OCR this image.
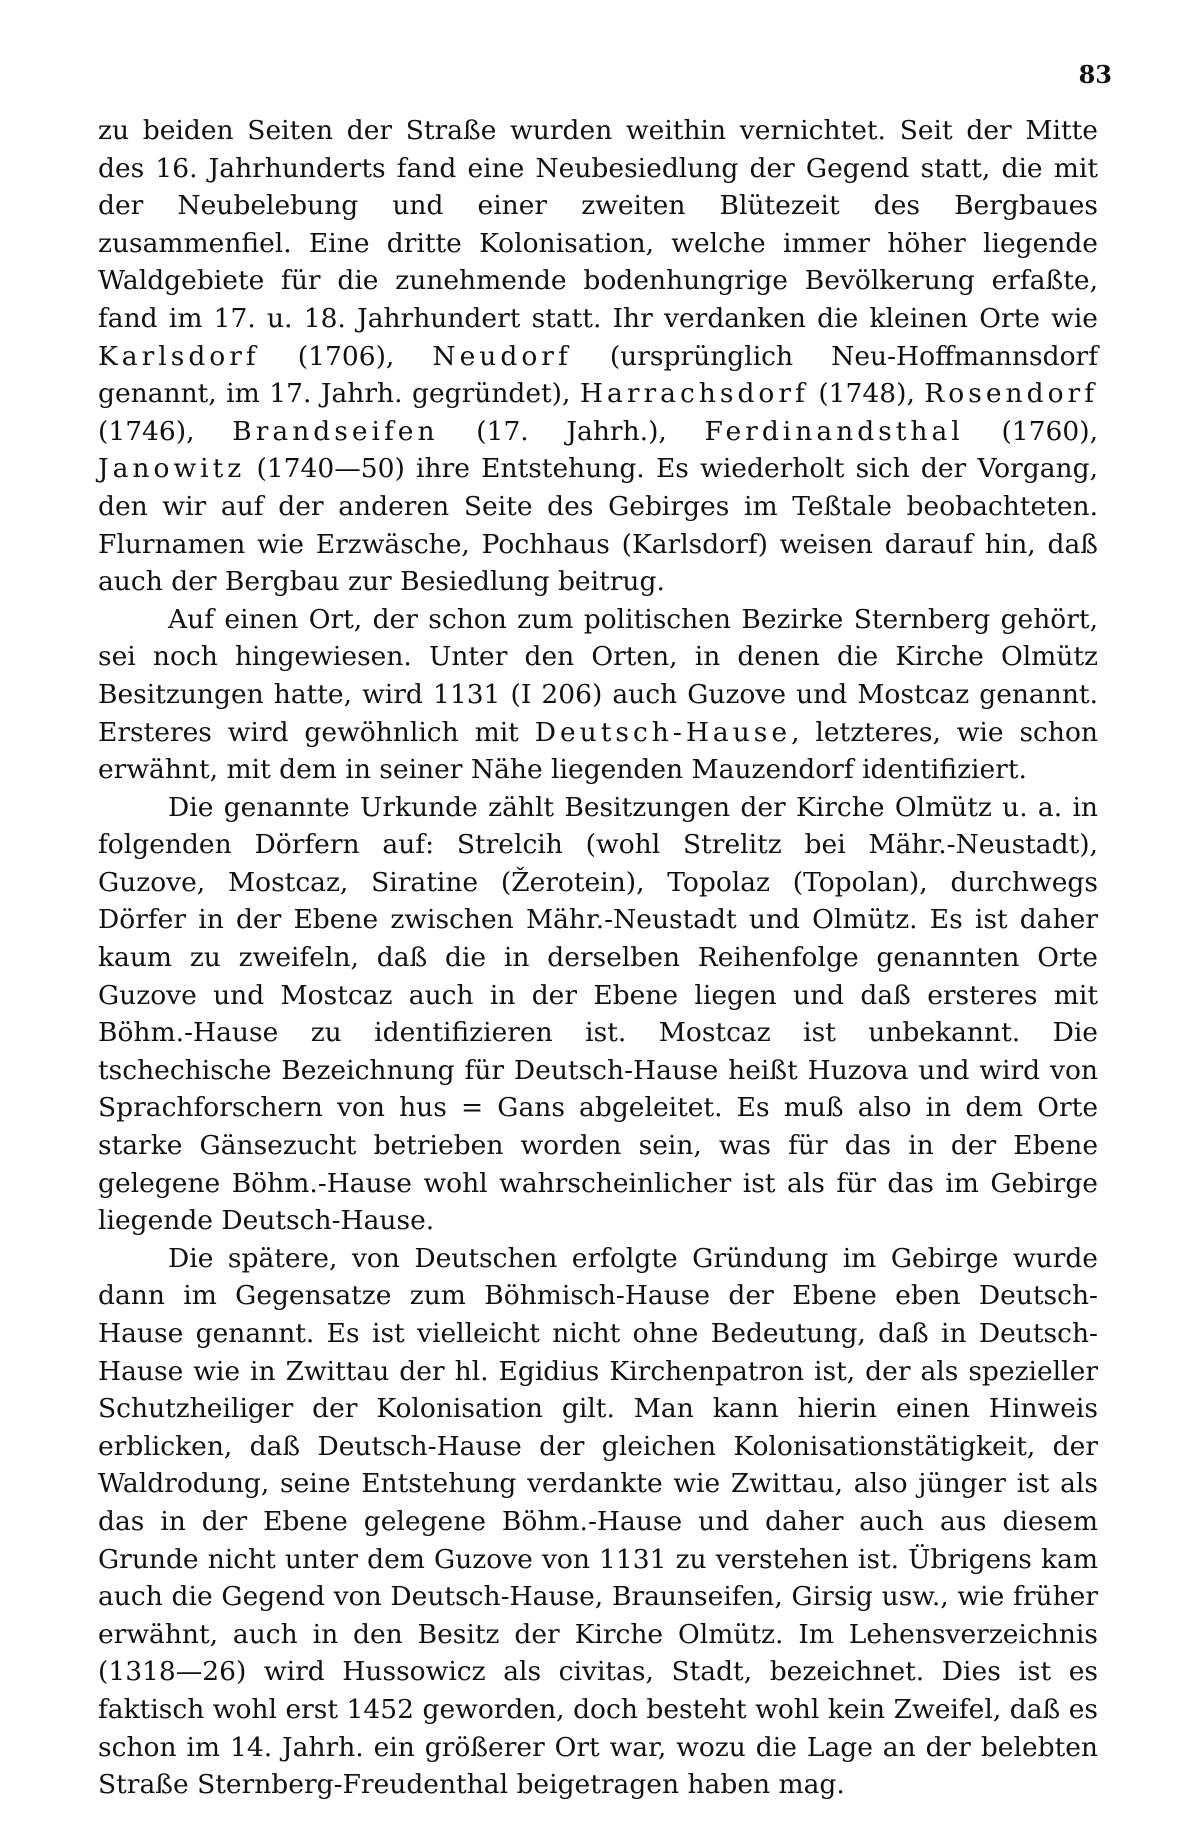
83

zu beiden Seiten der Straße wurden weithin vernichtet. Seit der Mitte des 16. Jahrhunderts fand eine Neubesiedlung der Gegend statt, die mit der Neubelebung und einer zweiten Blütezeit des Bergbaues zusammenfiel. Eine dritte Kolonisation, welche immer höher liegende Waldgebiete für die zunehmende bodenhungrige Bevölkerung erfaßte, fand im 17. u. 18. Jahrhundert statt. Ihr verdanken die kleinen Orte wie Karlsdorf (1706), Neudorf (ursprünglich Neu-Hoffmannsdorf genannt, im 17. Jahrh. gegründet), Harrachsdorf (1748), Rosendorf (1746), Brandseifen (17. Jahrh.), Ferdinandsthal (1760), Janowitz (1740—50) ihre Entstehung. Es wiederholt sich der Vorgang, den wir auf der anderen Seite des Gebirges im Teßtale beobachteten. Flurnamen wie Erzwäsche, Pochhaus (Karlsdorf) weisen darauf hin, daß auch der Bergbau zur Besiedlung beitrug.

Auf einen Ort, der schon zum politischen Bezirke Sternberg gehört, sei noch hingewiesen. Unter den Orten, in denen die Kirche Olmütz Besitzungen hatte, wird 1131 (I 206) auch Guzove und Mostcaz genannt. Ersteres wird gewöhnlich mit Deutsch-Hause, letzteres, wie schon erwähnt, mit dem in seiner Nähe liegenden Mauzendorf identifiziert.

Die genannte Urkunde zählt Besitzungen der Kirche Olmütz u. a. in folgenden Dörfern auf: Strelcih (wohl Strelitz bei Mähr.-Neustadt), Guzove, Mostcaz, Siratine (Žerotein), Topolaz (Topolan), durchwegs Dörfer in der Ebene zwischen Mähr.-Neustadt und Olmütz. Es ist daher kaum zu zweifeln, daß die in derselben Reihenfolge genannten Orte Guzove und Mostcaz auch in der Ebene liegen und daß ersteres mit Böhm.-Hause zu identifizieren ist. Mostcaz ist unbekannt. Die tschechische Bezeichnung für Deutsch-Hause heißt Huzova und wird von Sprachforschern von hus = Gans abgeleitet. Es muß also in dem Orte starke Gänsezucht betrieben worden sein, was für das in der Ebene gelegene Böhm.-Hause wohl wahrscheinlicher ist als für das im Gebirge liegende Deutsch-Hause.

Die spätere, von Deutschen erfolgte Gründung im Gebirge wurde dann im Gegensatze zum Böhmisch-Hause der Ebene eben Deutsch-Hause genannt. Es ist vielleicht nicht ohne Bedeutung, daß in Deutsch-Hause wie in Zwittau der hl. Egidius Kirchenpatron ist, der als spezieller Schutzheiliger der Kolonisation gilt. Man kann hierin einen Hinweis erblicken, daß Deutsch-Hause der gleichen Kolonisationstätigkeit, der Waldrodung, seine Entstehung verdankte wie Zwittau, also jünger ist als das in der Ebene gelegene Böhm.-Hause und daher auch aus diesem Grunde nicht unter dem Guzove von 1131 zu verstehen ist. Übrigens kam auch die Gegend von Deutsch-Hause, Braunseifen, Girsig usw., wie früher erwähnt, auch in den Besitz der Kirche Olmütz. Im Lehensverzeichnis (1318—26) wird Hussowicz als civitas, Stadt, bezeichnet. Dies ist es faktisch wohl erst 1452 geworden, doch besteht wohl kein Zweifel, daß es schon im 14. Jahrh. ein größerer Ort war, wozu die Lage an der belebten Straße Sternberg-Freudenthal beigetragen haben mag.
